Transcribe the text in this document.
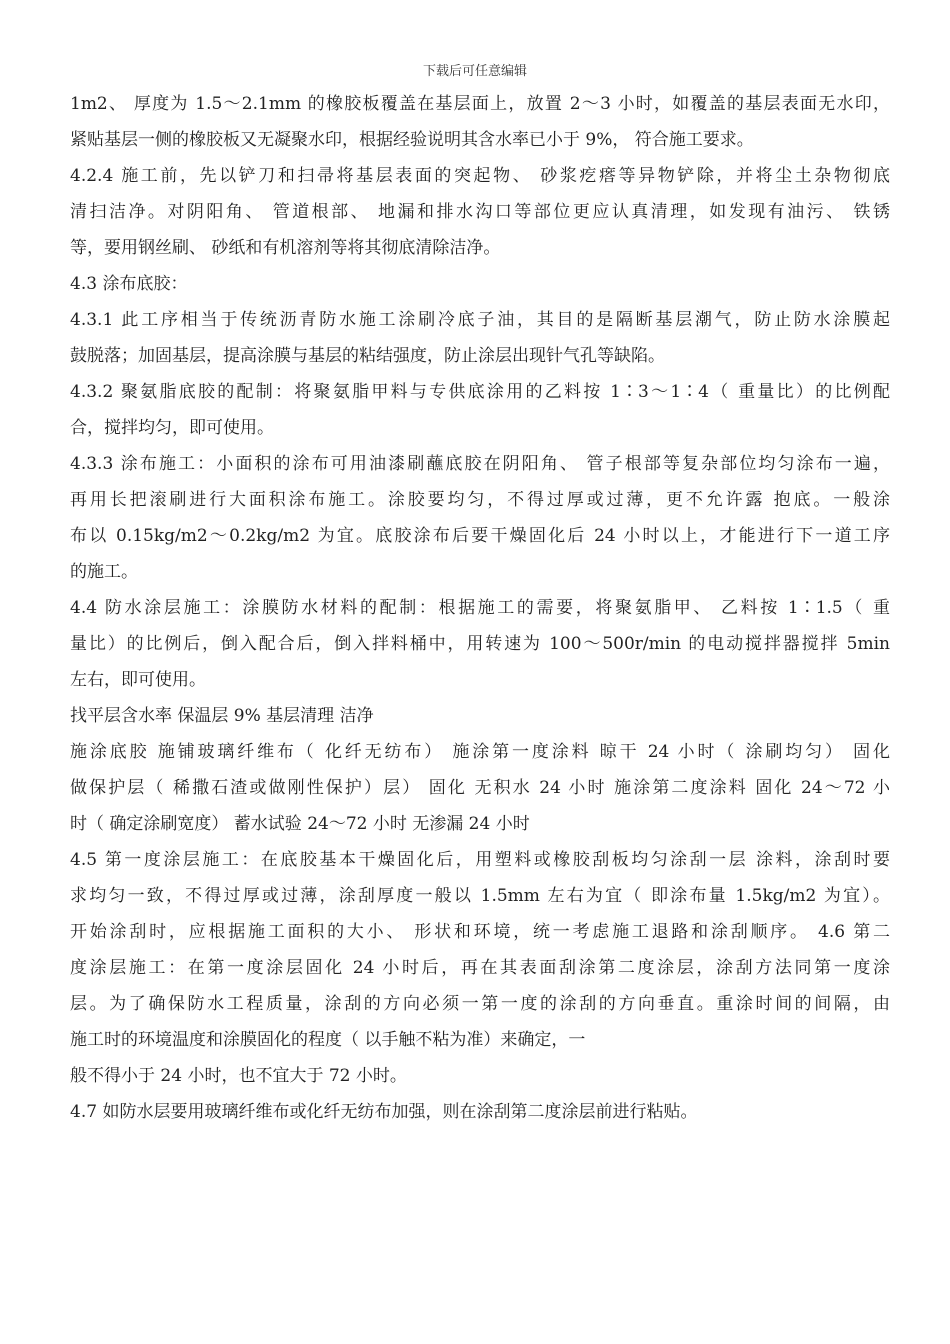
下载后可任意编辑
1m2、 厚度为 1.5～2.1mm 的橡胶板覆盖在基层面上，放置 2～3 小时，如覆盖的基层表面无水印，
紧贴基层一侧的橡胶板又无凝聚水印，根据经验说明其含水率已小于 9%， 符合施工要求。
4.2.4 施工前，先以铲刀和扫帚将基层表面的突起物、 砂浆疙瘩等异物铲除，并将尘土杂物彻底
清扫洁净。对阴阳角、 管道根部、 地漏和排水沟口等部位更应认真清理，如发现有油污、 铁锈
等，要用钢丝刷、 砂纸和有机溶剂等将其彻底清除洁净。
4.3 涂布底胶：
4.3.1 此工序相当于传统沥青防水施工涂刷冷底子油，其目的是隔断基层潮气，防止防水涂膜起
鼓脱落；加固基层，提高涂膜与基层的粘结强度，防止涂层出现针气孔等缺陷。
4.3.2 聚氨脂底胶的配制：将聚氨脂甲料与专供底涂用的乙料按 1∶3～1∶4（ 重量比）的比例配
合，搅拌均匀，即可使用。
4.3.3 涂布施工：小面积的涂布可用油漆刷蘸底胶在阴阳角、 管子根部等复杂部位均匀涂布一遍，
再用长把滚刷进行大面积涂布施工。涂胶要均匀，不得过厚或过薄，更不允许露 抱底。一般涂
布以 0.15kg/m2～0.2kg/m2 为宜。底胶涂布后要干燥固化后 24 小时以上，才能进行下一道工序
的施工。
4.4 防水涂层施工：涂膜防水材料的配制：根据施工的需要，将聚氨脂甲、 乙料按 1∶1.5（ 重
量比）的比例后，倒入配合后，倒入拌料桶中，用转速为 100～500r/min 的电动搅拌器搅拌 5min
左右，即可使用。
找平层含水率 保温层 9% 基层清理 洁净
施涂底胶 施铺玻璃纤维布（ 化纤无纺布） 施涂第一度涂料 晾干 24 小时（ 涂刷均匀） 固化
做保护层（ 稀撒石渣或做刚性保护）层） 固化 无积水 24 小时 施涂第二度涂料 固化 24～72 小
时（ 确定涂刷宽度） 蓄水试验 24～72 小时 无渗漏 24 小时
4.5 第一度涂层施工：在底胶基本干燥固化后，用塑料或橡胶刮板均匀涂刮一层 涂料，涂刮时要
求均匀一致，不得过厚或过薄，涂刮厚度一般以 1.5mm 左右为宜（ 即涂布量 1.5kg/m2 为宜）。
开始涂刮时，应根据施工面积的大小、 形状和环境，统一考虑施工退路和涂刮顺序。 4.6 第二
度涂层施工：在第一度涂层固化 24 小时后，再在其表面刮涂第二度涂层，涂刮方法同第一度涂
层。为了确保防水工程质量，涂刮的方向必须一第一度的涂刮的方向垂直。重涂时间的间隔，由
施工时的环境温度和涂膜固化的程度（ 以手触不粘为准）来确定，一
般不得小于 24 小时，也不宜大于 72 小时。
4.7 如防水层要用玻璃纤维布或化纤无纺布加强，则在涂刮第二度涂层前进行粘贴。
